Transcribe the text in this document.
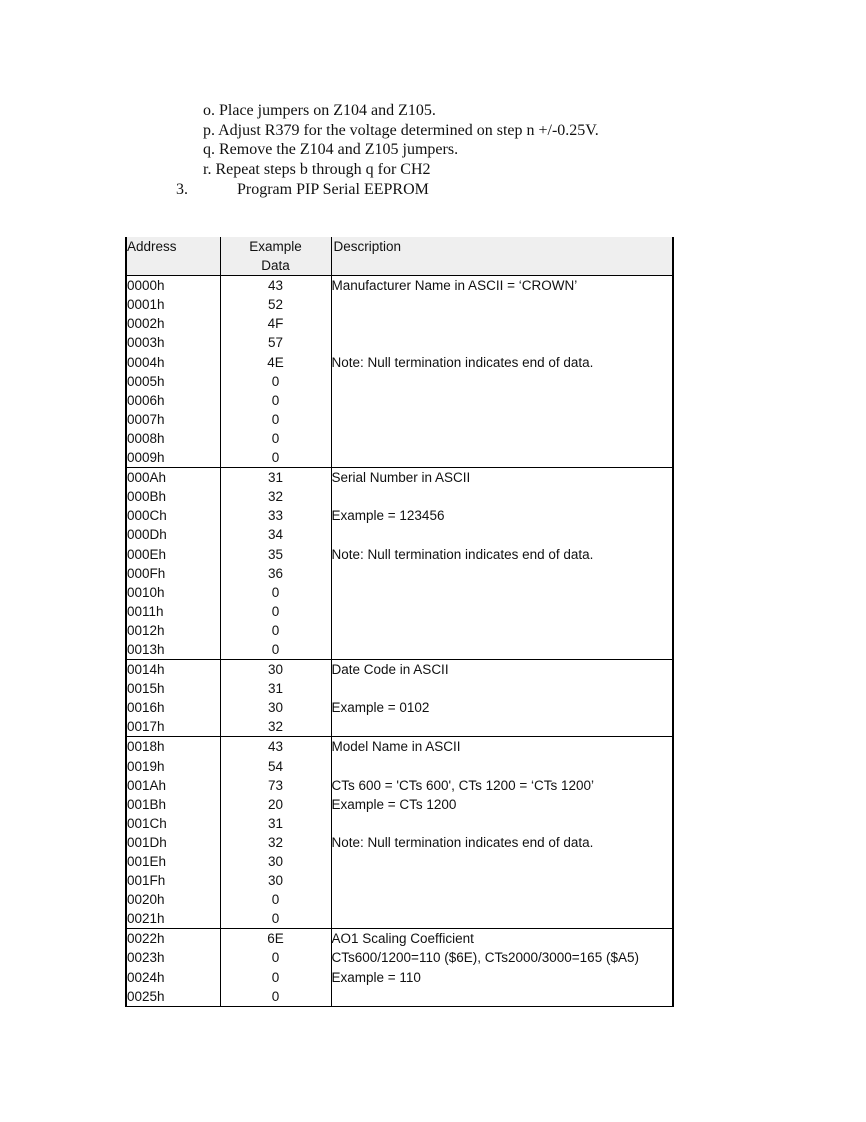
o. Place jumpers on Z104 and Z105.
p. Adjust R379 for the voltage determined on step n +/-0.25V.
q. Remove the Z104 and Z105 jumpers.
r. Repeat steps b through q for CH2
3.	Program PIP Serial EEPROM
Address	Example	Description
	Data	
0000h	43	Manufacturer Name in ASCII = ‘CROWN’
0001h	52	
0002h	4F	
0003h	57	
0004h	4E	Note: Null termination indicates end of data.
0005h	0	
0006h	0	
0007h	0	
0008h	0	
0009h	0	
000Ah	31	Serial Number in ASCII
000Bh	32	
000Ch	33	Example = 123456
000Dh	34	
000Eh	35	Note: Null termination indicates end of data.
000Fh	36	
0010h	0	
0011h	0	
0012h	0	
0013h	0	
0014h	30	Date Code in ASCII
0015h	31	
0016h	30	Example = 0102
0017h	32	
0018h	43	Model Name in ASCII
0019h	54	
001Ah	73	CTs 600 = 'CTs 600', CTs 1200 = ‘CTs 1200’
001Bh	20	Example = CTs 1200
001Ch	31	
001Dh	32	Note: Null termination indicates end of data.
001Eh	30	
001Fh	30	
0020h	0	
0021h	0	
0022h	6E	AO1 Scaling Coefficient
0023h	0	CTs600/1200=110 ($6E), CTs2000/3000=165 ($A5)
0024h	0	Example = 110
0025h	0	
